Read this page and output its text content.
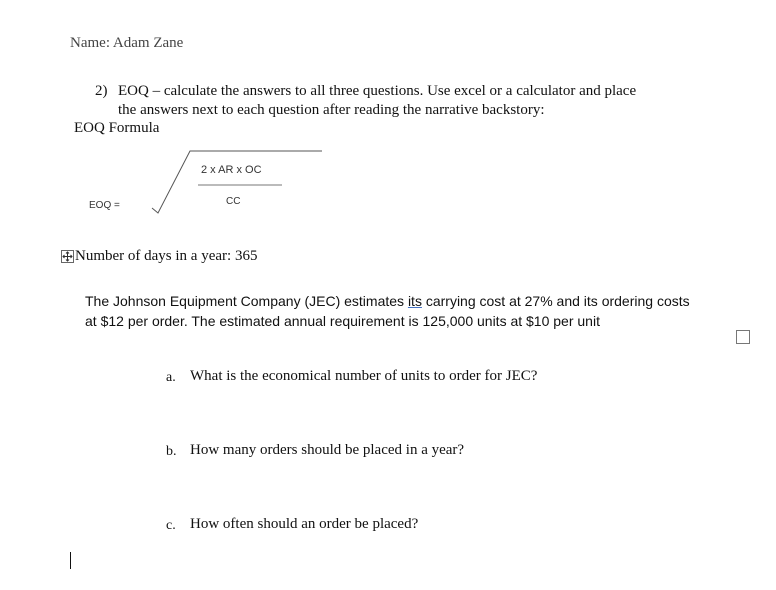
Name: Adam Zane
2) EOQ – calculate the answers to all three questions. Use excel or a calculator and place
the answers next to each question after reading the narrative backstory:
EOQ Formula
EOQ =
2 x AR x OC
CC
Number of days in a year: 365
The Johnson Equipment Company (JEC) estimates its carrying cost at 27% and its ordering costs
at $12 per order. The estimated annual requirement is 125,000 units at $10 per unit
a. What is the economical number of units to order for JEC?
b. How many orders should be placed in a year?
c. How often should an order be placed?
